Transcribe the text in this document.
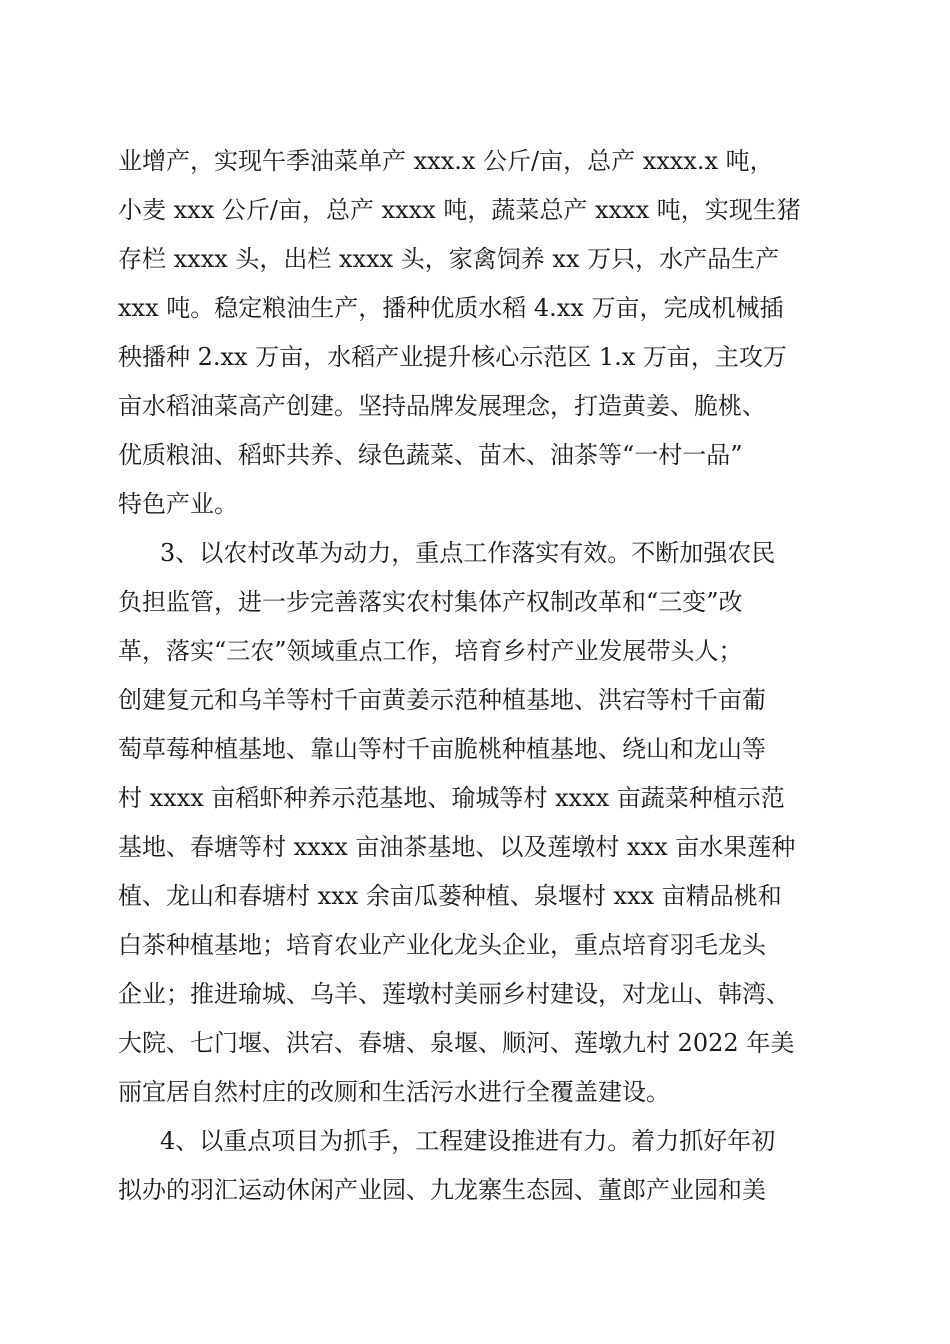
业增产，实现午季油菜单产 xxx.x 公斤/亩，总产 xxxx.x 吨，
小麦 xxx 公斤/亩，总产 xxxx 吨，蔬菜总产 xxxx 吨，实现生猪
存栏 xxxx 头，出栏 xxxx 头，家禽饲养 xx 万只，水产品生产
xxx 吨。稳定粮油生产，播种优质水稻 4.xx 万亩，完成机械插
秧播种 2.xx 万亩，水稻产业提升核心示范区 1.x 万亩，主攻万
亩水稻油菜高产创建。坚持品牌发展理念，打造黄姜、脆桃、
优质粮油、稻虾共养、绿色蔬菜、苗木、油茶等“一村一品”
特色产业。
3、以农村改革为动力，重点工作落实有效。不断加强农民
负担监管，进一步完善落实农村集体产权制改革和“三变”改
革，落实“三农”领域重点工作，培育乡村产业发展带头人；
创建复元和乌羊等村千亩黄姜示范种植基地、洪宕等村千亩葡
萄草莓种植基地、靠山等村千亩脆桃种植基地、绕山和龙山等
村 xxxx 亩稻虾种养示范基地、瑜城等村 xxxx 亩蔬菜种植示范
基地、春塘等村 xxxx 亩油茶基地、以及莲墩村 xxx 亩水果莲种
植、龙山和春塘村 xxx 余亩瓜蒌种植、泉堰村 xxx 亩精品桃和
白茶种植基地；培育农业产业化龙头企业，重点培育羽毛龙头
企业；推进瑜城、乌羊、莲墩村美丽乡村建设，对龙山、韩湾、
大院、七门堰、洪宕、春塘、泉堰、顺河、莲墩九村 2022 年美
丽宜居自然村庄的改厕和生活污水进行全覆盖建设。
4、以重点项目为抓手，工程建设推进有力。着力抓好年初
拟办的羽汇运动休闲产业园、九龙寨生态园、董郎产业园和美
